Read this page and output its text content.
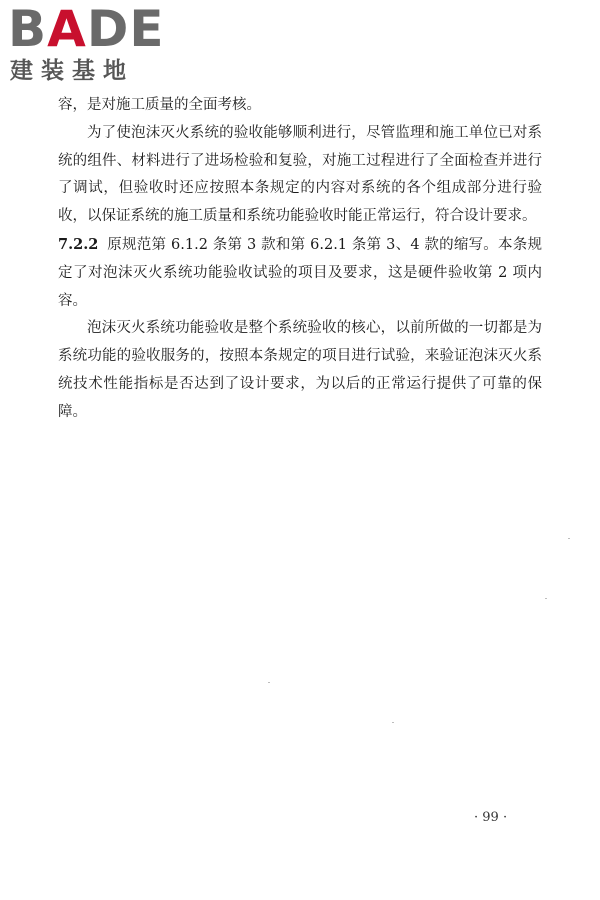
BADE
建装基地

容，是对施工质量的全面考核。

为了使泡沫灭火系统的验收能够顺利进行，尽管监理和施工单位已对系统的组件、材料进行了进场检验和复验，对施工过程进行了全面检查并进行了调试，但验收时还应按照本条规定的内容对系统的各个组成部分进行验收，以保证系统的施工质量和系统功能验收时能正常运行，符合设计要求。

7.2.2 原规范第 6.1.2 条第 3 款和第 6.2.1 条第 3、4 款的缩写。本条规定了对泡沫灭火系统功能验收试验的项目及要求，这是硬件验收第 2 项内容。

泡沫灭火系统功能验收是整个系统验收的核心，以前所做的一切都是为系统功能的验收服务的，按照本条规定的项目进行试验，来验证泡沫灭火系统技术性能指标是否达到了设计要求，为以后的正常运行提供了可靠的保障。

· 99 ·
